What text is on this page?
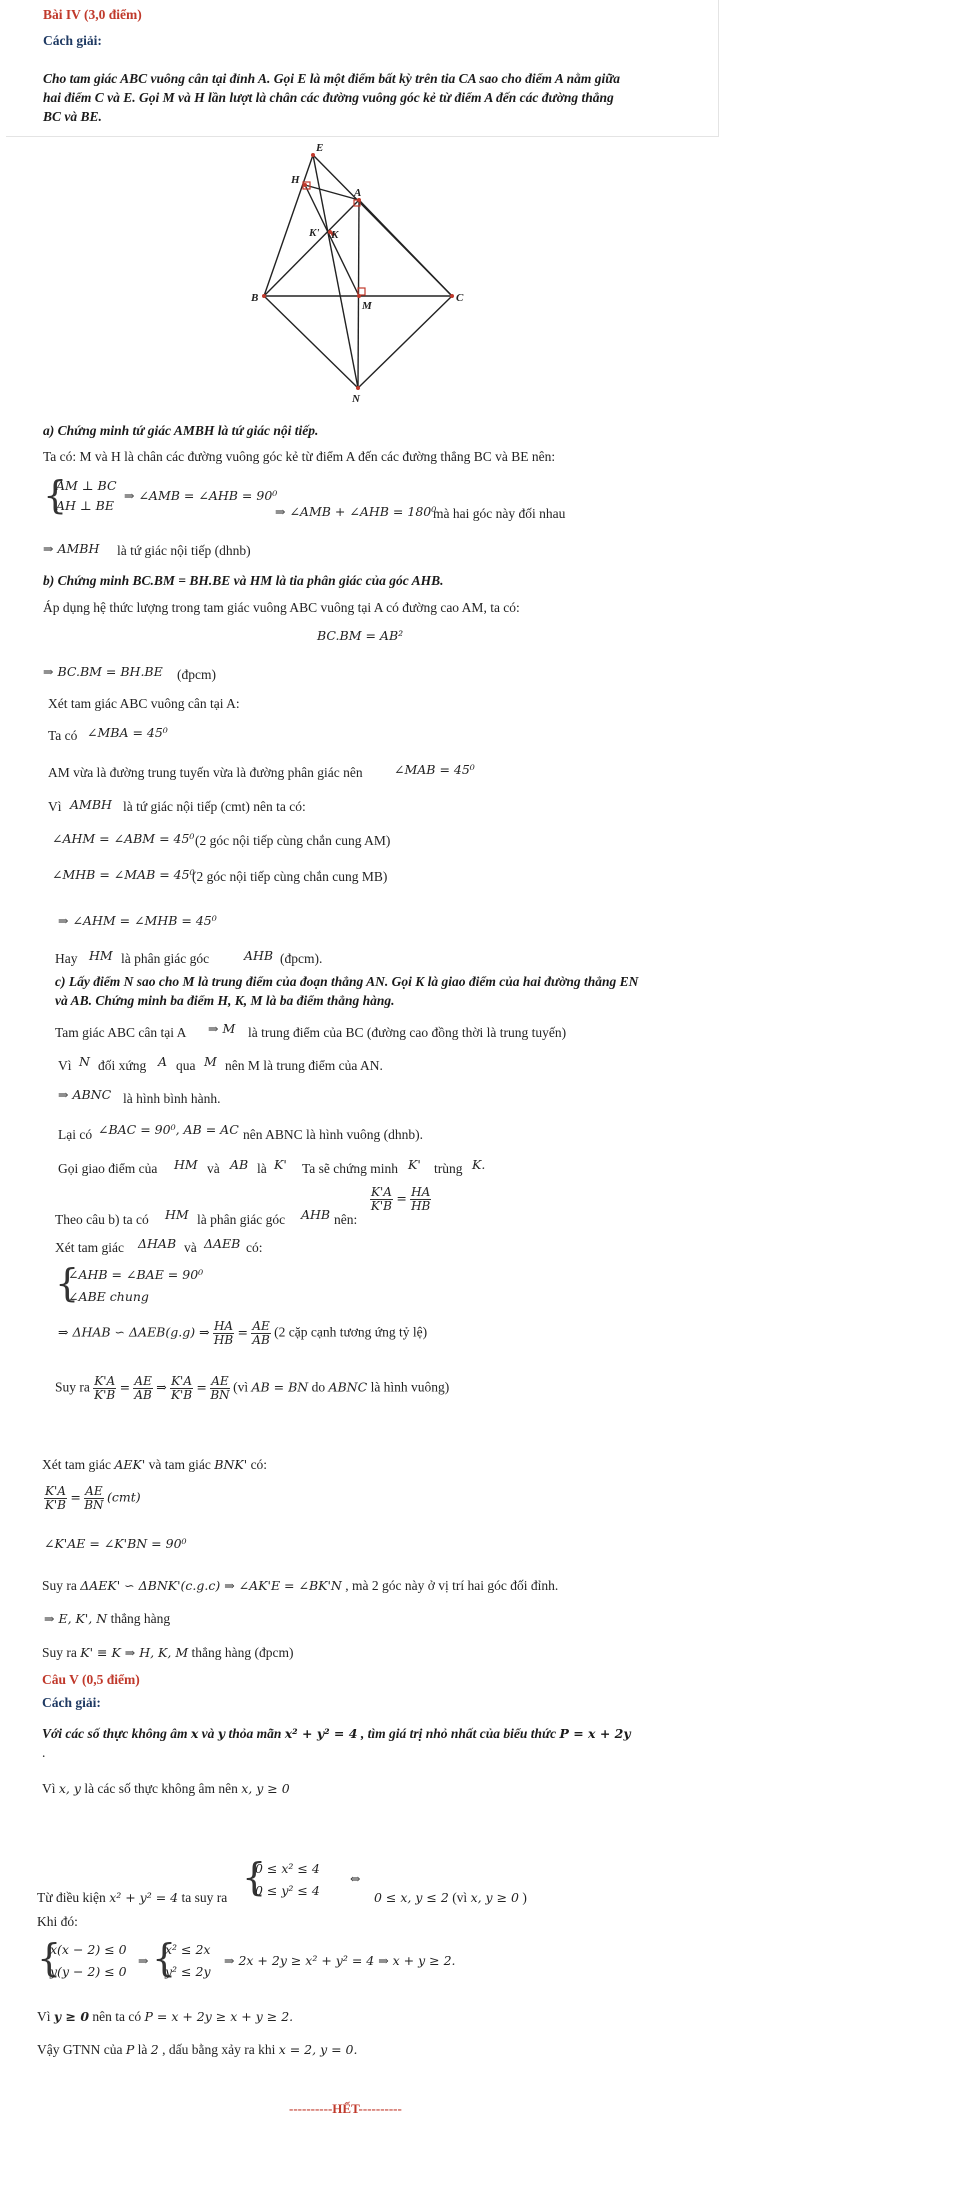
Bài IV (3,0 điểm)
Cách giải:
Cho tam giác ABC vuông cân tại đỉnh A. Gọi E là một điểm bất kỳ trên tia CA sao cho điểm A nằm giữa
hai điểm C và E. Gọi M và H lần lượt là chân các đường vuông góc kẻ từ điểm A đến các đường thẳng
BC và BE.
E
H
A
K' K
B
M
C
N
a) Chứng minh tứ giác AMBH là tứ giác nội tiếp.
Ta có: M và H là chân các đường vuông góc kẻ từ điểm A đến các đường thẳng BC và BE nên:
{
AM ⊥ BC
AH ⊥ BE
⇒ ∠AMB = ∠AHB = 90⁰
⇒ ∠AMB + ∠AHB = 180⁰
mà hai góc này đối nhau
⇒ AMBH là tứ giác nội tiếp (dhnb)
b) Chứng minh BC.BM = BH.BE và HM là tia phân giác của góc AHB.
Áp dụng hệ thức lượng trong tam giác vuông ABC vuông tại A có đường cao AM, ta có:
BC.BM = AB²
⇒ BC.BM = BH.BE (đpcm)
Xét tam giác ABC vuông cân tại A:
Ta có ∠MBA = 45⁰
AM vừa là đường trung tuyến vừa là đường phân giác nên	∠MAB = 45⁰
Vì AMBH là tứ giác nội tiếp (cmt) nên ta có:
∠AHM = ∠ABM = 45⁰ (2 góc nội tiếp cùng chắn cung AM)
∠MHB = ∠MAB = 45⁰
(2 góc nội tiếp cùng chắn cung MB)
⇒ ∠AHM = ∠MHB = 45⁰
Hay HM là phân giác góc	AHB (đpcm).
c) Lấy điểm N sao cho M là trung điểm của đoạn thẳng AN. Gọi K là giao điểm của hai đường thẳng EN
và AB. Chứng minh ba điểm H, K, M là ba điểm thẳng hàng.
Tam giác ABC cân tại A ⇒ M là trung điểm của BC (đường cao đồng thời là trung tuyến)
Vì N đối xứng A qua M nên M là trung điểm của AN.
⇒ ABNC là hình bình hành.
Lại có ∠BAC = 90⁰, AB = AC nên ABNC là hình vuông (dhnb).
Gọi giao điểm của HM và AB là K' Ta sẽ chứng minh K' trùng K.
Theo câu b) ta có HM là phân giác góc AHB nên:
$\frac{K'A}{K'B} = \frac{HA}{HB}$
Xét tam giác ΔHAB và ΔAEB có:
{
∠AHB = ∠BAE = 90⁰
∠ABE chung
⇒ ΔHAB ∽ ΔAEB(g.g) ⇒ $\frac{HA}{HB} = \frac{AE}{AB} (2$ cặp cạnh tương ứng tỷ lệ)
Suy ra $\frac{K'A}{K'B} = \frac{AE}{AB}$ ⇒ $\frac{K'A}{K'B} = \frac{AE}{BN}$ (vì AB = BN do ABNC là hình vuông)
Xét tam giác AEK' và tam giác BNK' có:
$\frac{K'A}{K'B} = \frac{AE}{BN} (cmt)$
∠K'AE = ∠K'BN = 90⁰
Suy ra ΔAEK' ∽ ΔBNK'(c.g.c) ⇒ ∠AK'E = ∠BK'N , mà 2 góc này ở vị trí hai góc đối đỉnh.
⇒ E, K', N thẳng hàng
Suy ra K' ≡ K ⇒ H, K, M thẳng hàng (đpcm)
Câu V (0,5 điểm)
Cách giải:
Với các số thực không âm x và y thỏa mãn x² + y² = 4 , tìm giá trị nhỏ nhất của biểu thức P = x + 2y
.
Vì x, y là các số thực không âm nên x, y ≥ 0
Từ điều kiện x² + y² = 4 ta suy ra {
0 ≤ x² ≤ 4
0 ≤ y² ≤ 4
⇔
0 ≤ x, y ≤ 2 (vì x, y ≥ 0 )
Khi đó:
{
x(x − 2) ≤ 0
y(y − 2) ≤ 0
⇒ {
x² ≤ 2x
y² ≤ 2y
⇒ 2x + 2y ≥ x² + y² = 4 ⇒ x + y ≥ 2.
Vì y ≥ 0 nên ta có P = x + 2y ≥ x + y ≥ 2.
Vậy GTNN của P là 2 , dấu bằng xảy ra khi x = 2, y = 0.
----------HẾT----------
